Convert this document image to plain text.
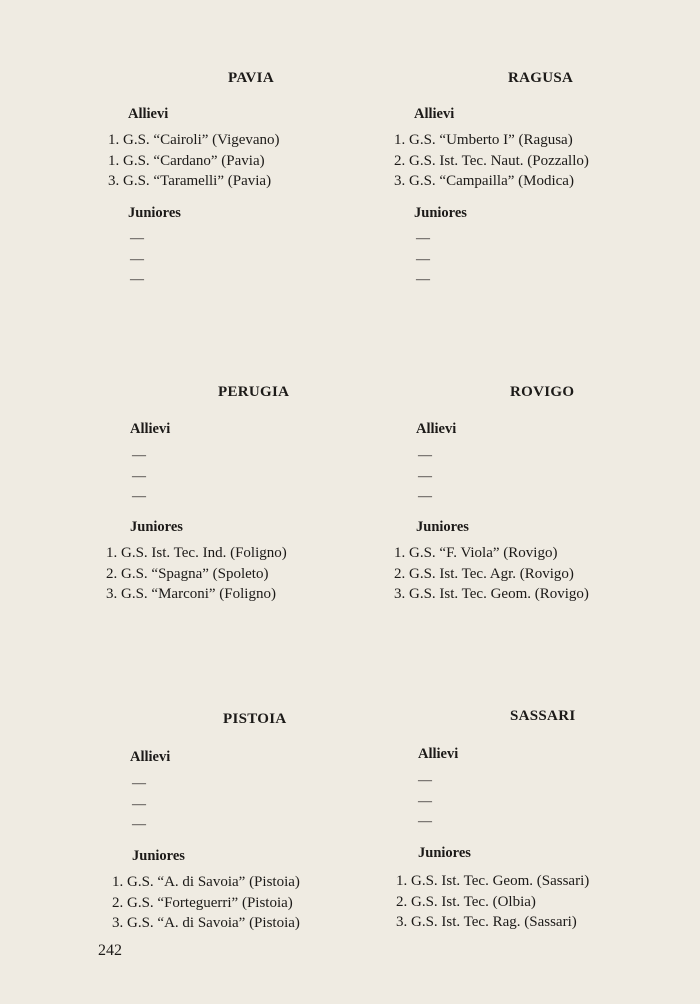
PAVIA
Allievi
1. G.S. “Cairoli” (Vigevano)
1. G.S. “Cardano” (Pavia)
3. G.S. “Taramelli” (Pavia)
Juniores
—
—
—
RAGUSA
Allievi
1. G.S. “Umberto I” (Ragusa)
2. G.S. Ist. Tec. Naut. (Pozzallo)
3. G.S. “Campailla” (Modica)
Juniores
—
—
—
PERUGIA
Allievi
—
—
—
Juniores
1. G.S. Ist. Tec. Ind. (Foligno)
2. G.S. “Spagna” (Spoleto)
3. G.S. “Marconi” (Foligno)
ROVIGO
Allievi
—
—
—
Juniores
1. G.S. “F. Viola” (Rovigo)
2. G.S. Ist. Tec. Agr. (Rovigo)
3. G.S. Ist. Tec. Geom. (Rovigo)
PISTOIA
Allievi
—
—
—
Juniores
1. G.S. “A. di Savoia” (Pistoia)
2. G.S. “Forteguerri” (Pistoia)
3. G.S. “A. di Savoia” (Pistoia)
SASSARI
Allievi
—
—
—
Juniores
1. G.S. Ist. Tec. Geom. (Sassari)
2. G.S. Ist. Tec. (Olbia)
3. G.S. Ist. Tec. Rag. (Sassari)
242
